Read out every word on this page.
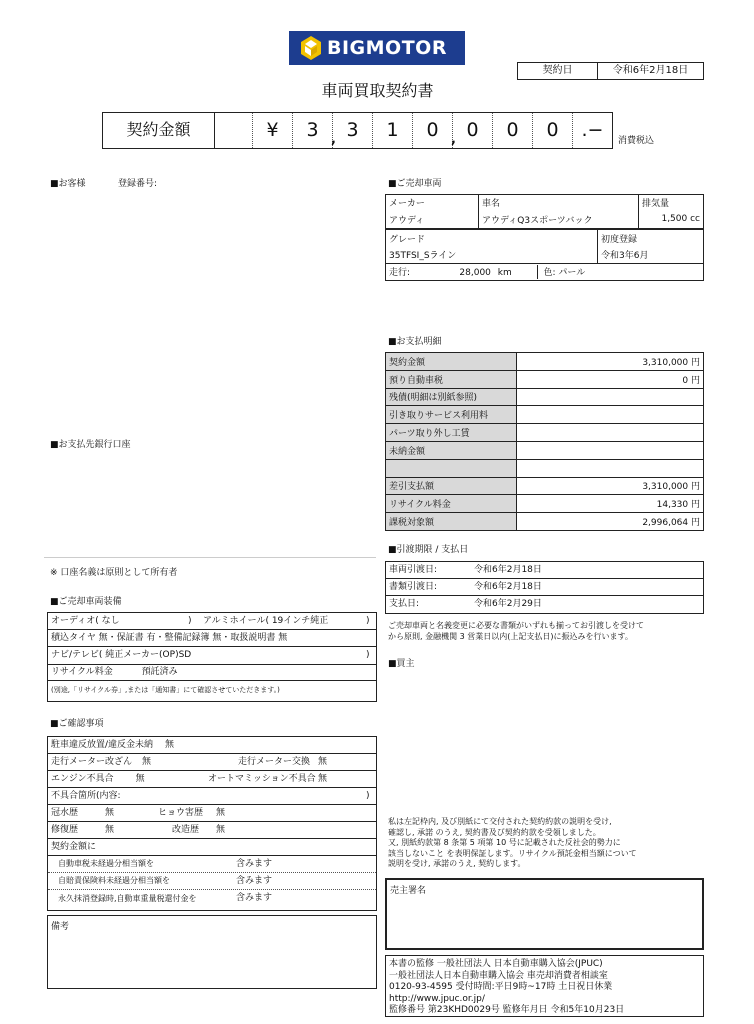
BIGMOTOR
車両買取契約書
契約日	令和6年2月18日
契約金額	¥	3 , 3	1	0 , 0	0	0	.−	消費税込
■お客様	登録番号:	■ご売却車両
メーカー	車名	排気量
アウディ	アウディQ3スポーツバック	1,500 cc
グレード	初度登録
35TFSI_Sライン	令和3年6月
走行: 28,000 km 色: パール	
■お支払明細
契約金額	3,310,000 円
預り自動車税	0 円
残債(明細は別紙参照)	
引き取りサービス利用料	
パーツ取り外し工賃	
未納金額	

差引支払額	3,310,000 円
リサイクル料金	14,330 円
課税対象額	2,996,064 円
■お支払先銀行口座
※ 口座名義は原則として所有者
■ご売却車両装備
オーディオ( なし	) アルミホイール( 19インチ純正	)
積込タイヤ 無・保証書 有・整備記録簿 無・取扱説明書 無
ナビ/テレビ( 純正メーカー(OP)SD	)
リサイクル料金	預託済み
(別途,「リサイクル券」,または「通知書」にて確認させていただきます。)
■ご確認事項
駐車違反放置/違反金未納 無
走行メーター改ざん 無	走行メーター交換 無
エンジン不具合 無	オートマミッション不具合 無
不具合箇所(内容:	)
冠水歴	無	ヒョウ害歴 無
修復歴	無	改造歴 無
契約金額に
自動車税未経過分相当額を	含みます
自賠責保険料未経過分相当額を	含みます
永久抹消登録時,自動車重量税還付金を	含みます
備考
■引渡期限 / 支払日
車両引渡日:	令和6年2月18日
書類引渡日:	令和6年2月18日
支払日:	令和6年2月29日
ご売却車両と名義変更に必要な書類がいずれも揃ってお引渡しを受けて
から原則, 金融機関 3 営業日以内(上記支払日)に振込みを行います。
■買主
私は左記枠内, 及び別紙にて交付された契約約款の説明を受け,
確認し, 承諾 のうえ, 契約書及び契約約款を受領しました。
又, 別紙約款第 8 条第 5 項第 10 号に記載された反社会的勢力に
該当しないこと を表明保証します。リサイクル預託金相当額について
説明を受け, 承諾のうえ, 契約します。
売主署名
本書の監修 一般社団法人 日本自動車購入協会(JPUC)
一般社団法人日本自動車購入協会 車売却消費者相談室
0120-93-4595 受付時間:平日9時~17時 土日祝日休業
http://www.jpuc.or.jp/
監修番号 第23KHD0029号 監修年月日 令和5年10月23日
